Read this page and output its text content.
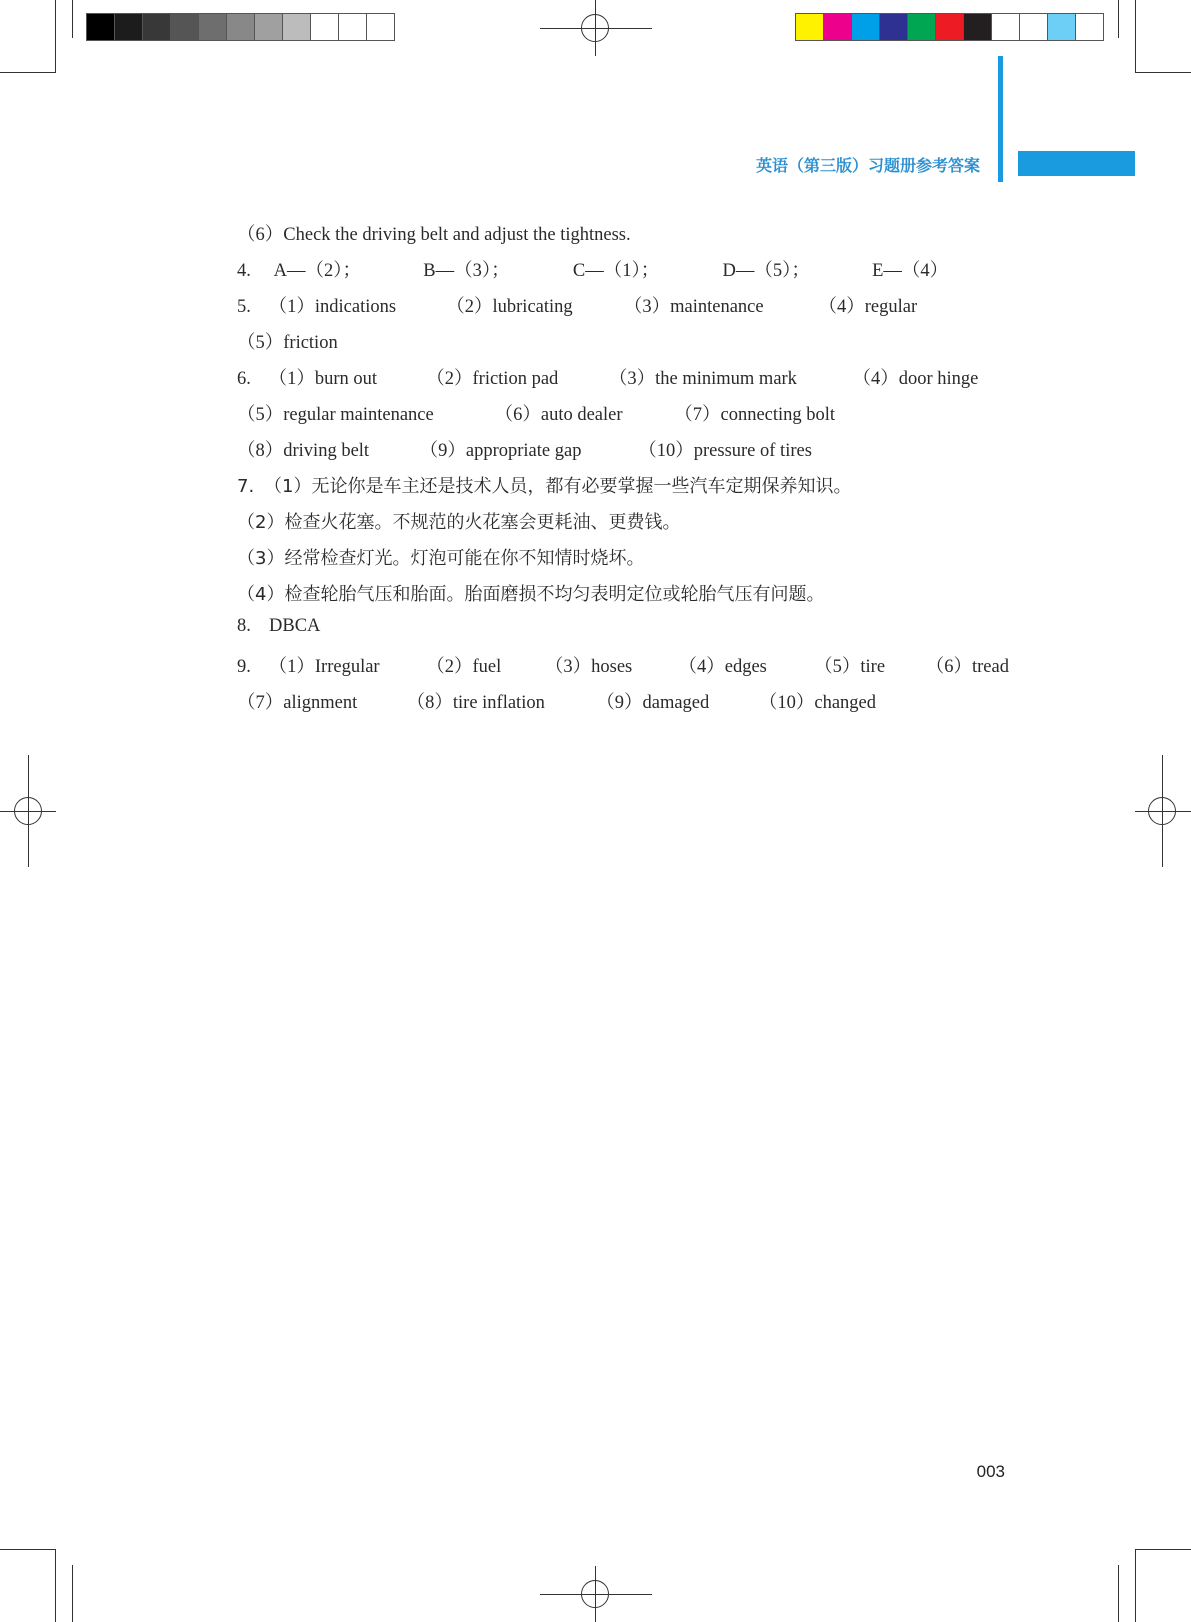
英语（第三版）习题册参考答案
（6）Check the driving belt and adjust the tightness.
4. A—（2）；	B—（3）；	C—（1）；	D—（5）；	E—（4）
5. （1）indications	（2）lubricating	（3）maintenance	（4）regular
（5）friction
6. （1）burn out	（2）friction pad	（3）the minimum mark	（4）door hinge
（5）regular maintenance	（6）auto dealer	（7）connecting bolt
（8）driving belt	（9）appropriate gap	（10）pressure of tires
7. （1）无论你是车主还是技术人员，都有必要掌握一些汽车定期保养知识。
（2）检查火花塞。不规范的火花塞会更耗油、更费钱。
（3）经常检查灯光。灯泡可能在你不知情时烧坏。
（4）检查轮胎气压和胎面。胎面磨损不均匀表明定位或轮胎气压有问题。
8. DBCA
9. （1）Irregular	（2）fuel （3）hoses	（4）edges	（5）tire （6）tread
（7）alignment	（8）tire inflation	（9）damaged	（10）changed
003
